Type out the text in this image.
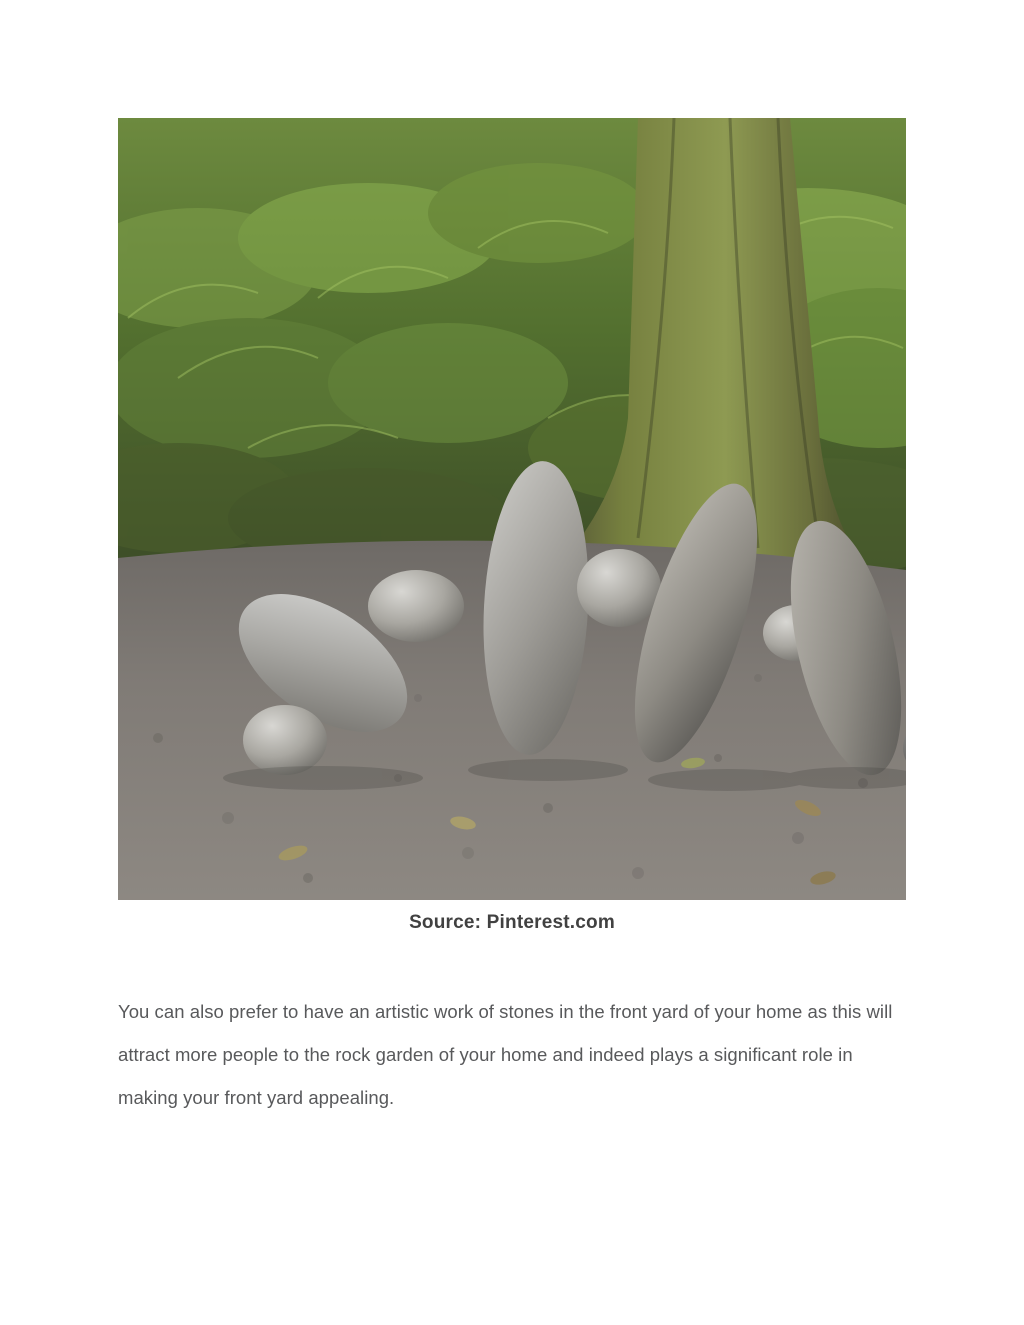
Source: Pinterest.com

You can also prefer to have an artistic work of stones in the front yard of your home as this will attract more people to the rock garden of your home and indeed plays a significant role in making your front yard appealing.
